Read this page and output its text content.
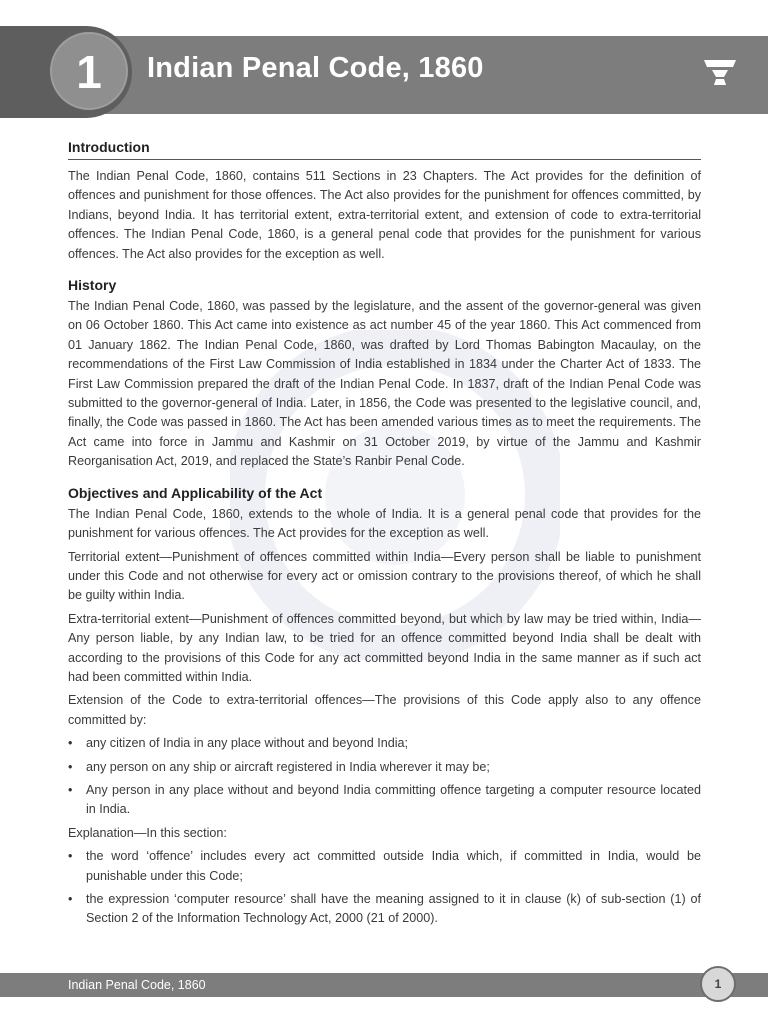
1	Indian Penal Code, 1860
Introduction

The Indian Penal Code, 1860, contains 511 Sections in 23 Chapters. The Act provides for the definition of offences and punishment for those offences. The Act also provides for the punishment for offences committed, by Indians, beyond India. It has territorial extent, extra-territorial extent, and extension of code to extra-territorial offences. The Indian Penal Code, 1860, is a general penal code that provides for the punishment for various offences. The Act also provides for the exception as well.

History

The Indian Penal Code, 1860, was passed by the legislature, and the assent of the governor-general was given on 06 October 1860. This Act came into existence as act number 45 of the year 1860. This Act commenced from 01 January 1862. The Indian Penal Code, 1860, was drafted by Lord Thomas Babington Macaulay, on the recommendations of the First Law Commission of India established in 1834 under the Charter Act of 1833. The First Law Commission prepared the draft of the Indian Penal Code. In 1837, draft of the Indian Penal Code was submitted to the governor-general of India. Later, in 1856, the Code was presented to the legislative council, and, finally, the Code was passed in 1860. The Act has been amended various times as to meet the requirements. The Act came into force in Jammu and Kashmir on 31 October 2019, by virtue of the Jammu and Kashmir Reorganisation Act, 2019, and replaced the State’s Ranbir Penal Code.

Objectives and Applicability of the Act

The Indian Penal Code, 1860, extends to the whole of India. It is a general penal code that provides for the punishment for various offences. The Act provides for the exception as well.

Territorial extent—Punishment of offences committed within India—Every person shall be liable to punishment under this Code and not otherwise for every act or omission contrary to the provisions thereof, of which he shall be guilty within India.

Extra-territorial extent—Punishment of offences committed beyond, but which by law may be tried within, India—Any person liable, by any Indian law, to be tried for an offence committed beyond India shall be dealt with according to the provisions of this Code for any act committed beyond India in the same manner as if such act had been committed within India.

Extension of the Code to extra-territorial offences—The provisions of this Code apply also to any offence committed by:

• any citizen of India in any place without and beyond India;
• any person on any ship or aircraft registered in India wherever it may be;
• Any person in any place without and beyond India committing offence targeting a computer resource located in India.

Explanation—In this section:

• the word ‘offence’ includes every act committed outside India which, if committed in India, would be punishable under this Code;
• the expression ‘computer resource’ shall have the meaning assigned to it in clause (k) of sub-section (1) of Section 2 of the Information Technology Act, 2000 (21 of 2000).
Indian Penal Code, 1860	1
